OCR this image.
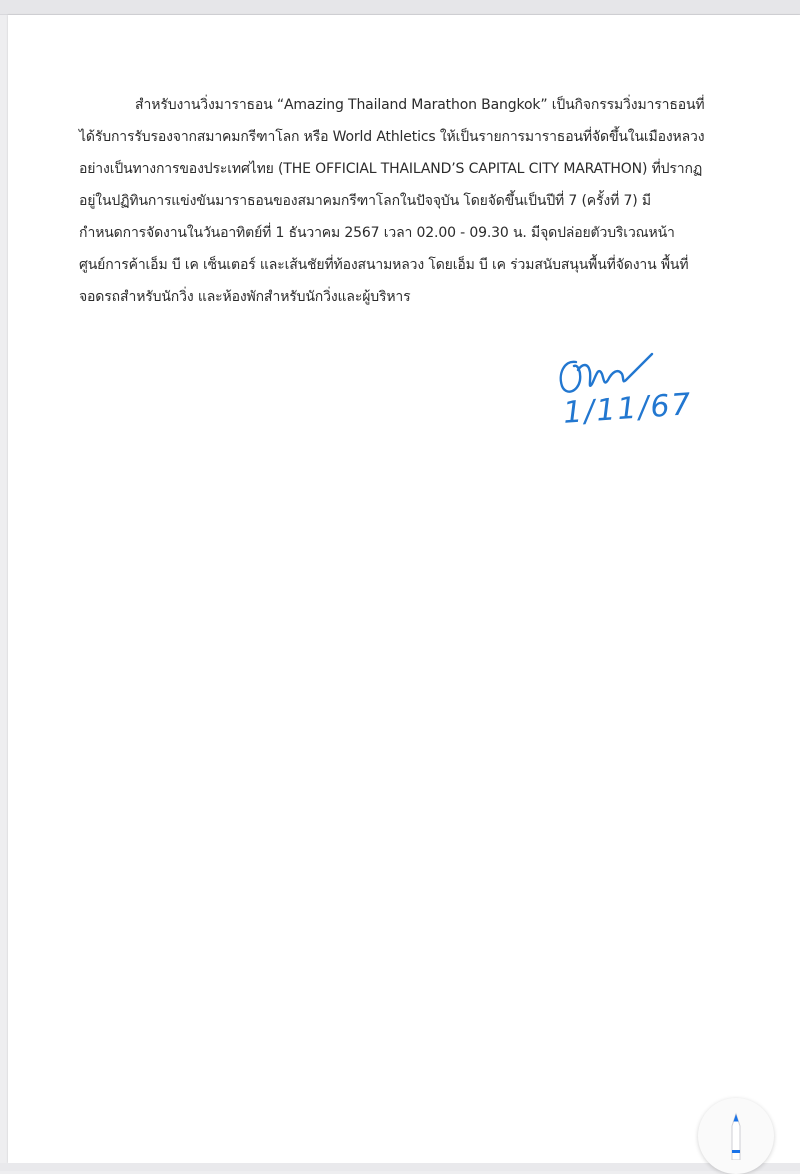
สำหรับงานวิ่งมาราธอน “Amazing Thailand Marathon Bangkok” เป็นกิจกรรมวิ่งมาราธอนที่
ได้รับการรับรองจากสมาคมกรีฑาโลก หรือ World Athletics ให้เป็นรายการมาราธอนที่จัดขึ้นในเมืองหลวง
อย่างเป็นทางการของประเทศไทย (THE OFFICIAL THAILAND’S CAPITAL CITY MARATHON) ที่ปรากฏ
อยู่ในปฏิทินการแข่งขันมาราธอนของสมาคมกรีฑาโลกในปัจจุบัน โดยจัดขึ้นเป็นปีที่ 7 (ครั้งที่ 7) มี
กำหนดการจัดงานในวันอาทิตย์ที่ 1 ธันวาคม 2567 เวลา 02.00 - 09.30 น. มีจุดปล่อยตัวบริเวณหน้า
ศูนย์การค้าเอ็ม บี เค เซ็นเตอร์ และเส้นชัยที่ท้องสนามหลวง โดยเอ็ม บี เค ร่วมสนับสนุนพื้นที่จัดงาน พื้นที่
จอดรถสำหรับนักวิ่ง และห้องพักสำหรับนักวิ่งและผู้บริหาร

1/11/67
